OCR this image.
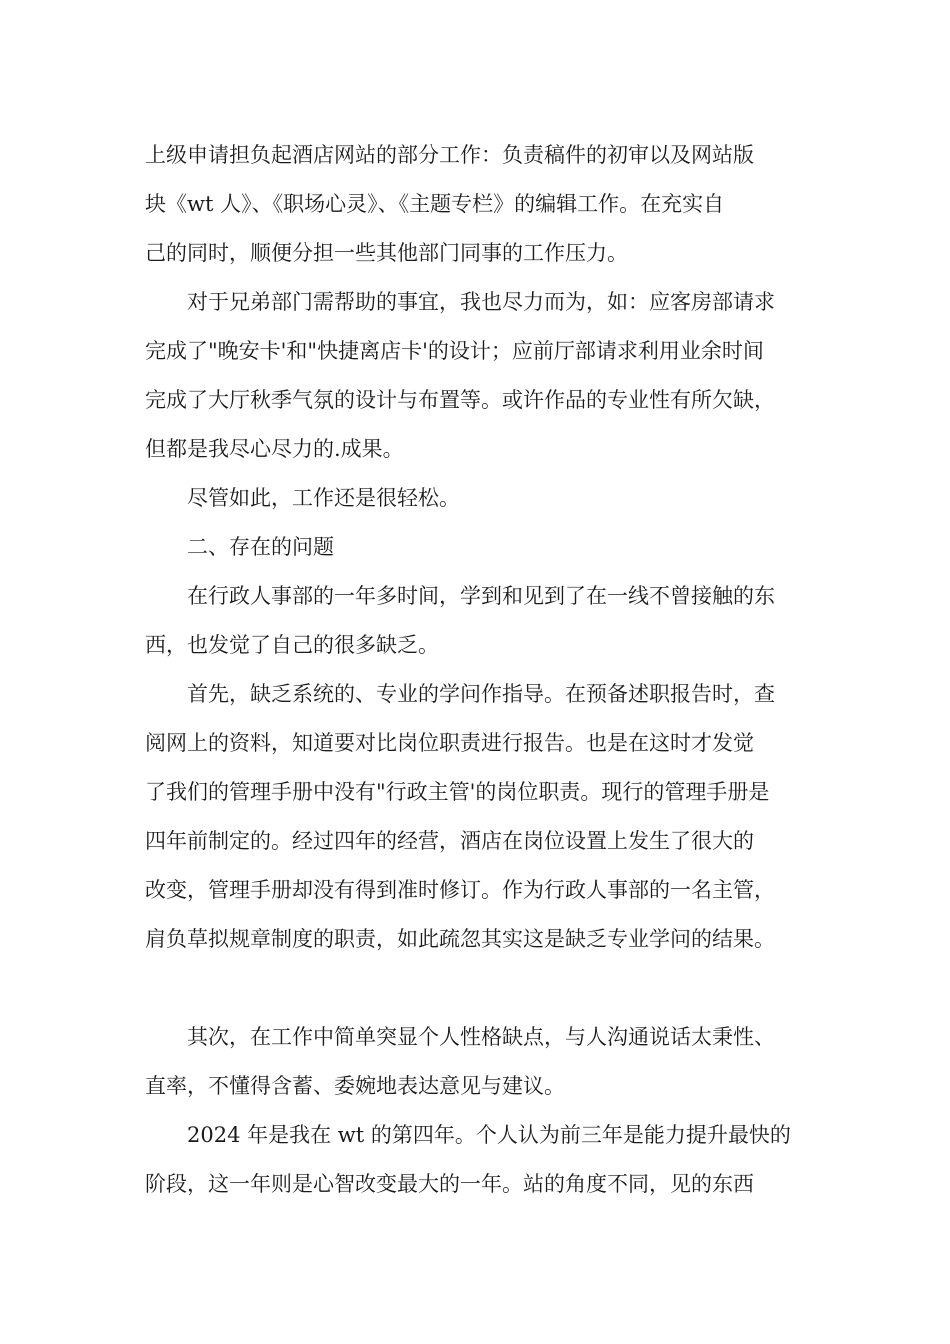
上级申请担负起酒店网站的部分工作：负责稿件的初审以及网站版
块《wt 人》、《职场心灵》、《主题专栏》的编辑工作。在充实自
己的同时，顺便分担一些其他部门同事的工作压力。

对于兄弟部门需帮助的事宜，我也尽力而为，如：应客房部请求
完成了"晚安卡'和"快捷离店卡'的设计；应前厅部请求利用业余时间
完成了大厅秋季气氛的设计与布置等。或许作品的专业性有所欠缺，
但都是我尽心尽力的.成果。

尽管如此，工作还是很轻松。

二、存在的问题

在行政人事部的一年多时间，学到和见到了在一线不曾接触的东
西，也发觉了自己的很多缺乏。

首先，缺乏系统的、专业的学问作指导。在预备述职报告时，查
阅网上的资料，知道要对比岗位职责进行报告。也是在这时才发觉
了我们的管理手册中没有"行政主管'的岗位职责。现行的管理手册是
四年前制定的。经过四年的经营，酒店在岗位设置上发生了很大的
改变，管理手册却没有得到准时修订。作为行政人事部的一名主管，
肩负草拟规章制度的职责，如此疏忽其实这是缺乏专业学问的结果。

其次，在工作中简单突显个人性格缺点，与人沟通说话太秉性、
直率，不懂得含蓄、委婉地表达意见与建议。

2024 年是我在 wt 的第四年。个人认为前三年是能力提升最快的
阶段，这一年则是心智改变最大的一年。站的角度不同，见的东西
